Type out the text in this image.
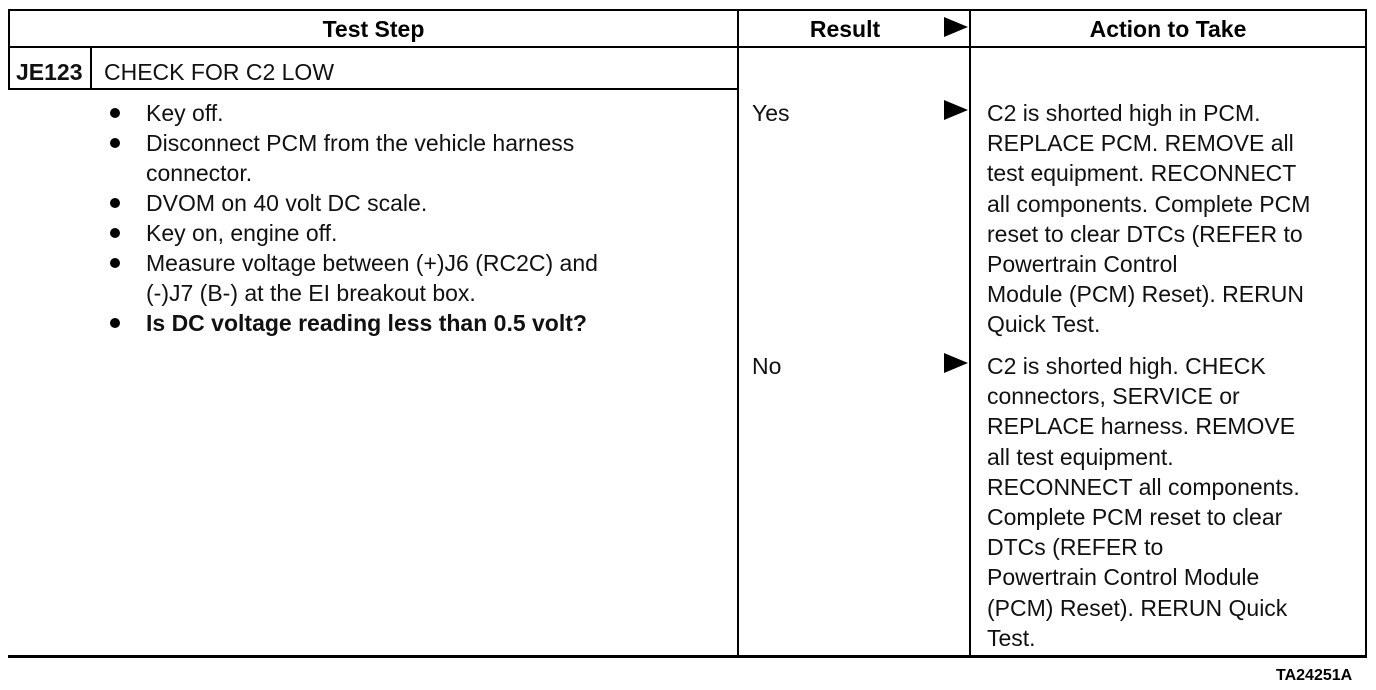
Test Step	Result	Action to Take
JE123 CHECK FOR C2 LOW
Key off.
Disconnect PCM from the vehicle harness
connector.
DVOM on 40 volt DC scale.
Key on, engine off.
Measure voltage between (+)J6 (RC2C) and
(-)J7 (B-) at the EI breakout box.
Is DC voltage reading less than 0.5 volt?
Yes	C2 is shorted high in PCM.
REPLACE PCM. REMOVE all
test equipment. RECONNECT
all components. Complete PCM
reset to clear DTCs (REFER to
Powertrain Control
Module (PCM) Reset). RERUN
Quick Test.
No	C2 is shorted high. CHECK
connectors, SERVICE or
REPLACE harness. REMOVE
all test equipment.
RECONNECT all components.
Complete PCM reset to clear
DTCs (REFER to
Powertrain Control Module
(PCM) Reset). RERUN Quick
Test.
TA24251A
